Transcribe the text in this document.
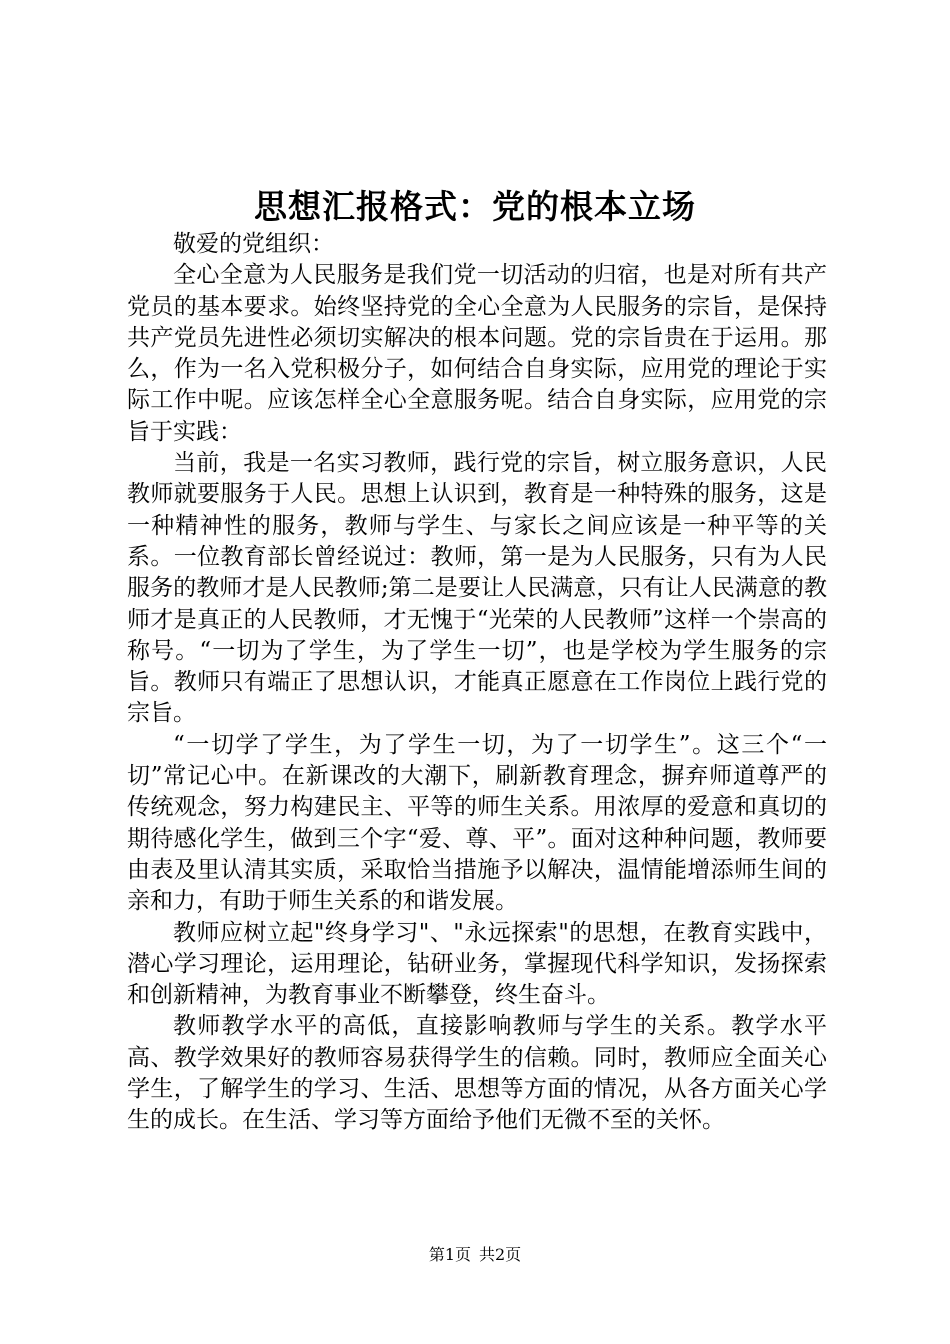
思想汇报格式：党的根本立场

敬爱的党组织：

全心全意为人民服务是我们党一切活动的归宿，也是对所有共产党员的基本要求。始终坚持党的全心全意为人民服务的宗旨，是保持共产党员先进性必须切实解决的根本问题。党的宗旨贵在于运用。那么，作为一名入党积极分子，如何结合自身实际，应用党的理论于实际工作中呢。应该怎样全心全意服务呢。结合自身实际，应用党的宗旨于实践：

当前，我是一名实习教师，践行党的宗旨，树立服务意识，人民教师就要服务于人民。思想上认识到，教育是一种特殊的服务，这是一种精神性的服务，教师与学生、与家长之间应该是一种平等的关系。一位教育部长曾经说过：教师，第一是为人民服务，只有为人民服务的教师才是人民教师;第二是要让人民满意，只有让人民满意的教师才是真正的人民教师，才无愧于“光荣的人民教师”这样一个崇高的称号。“一切为了学生，为了学生一切”，也是学校为学生服务的宗旨。教师只有端正了思想认识，才能真正愿意在工作岗位上践行党的宗旨。

“一切学了学生，为了学生一切，为了一切学生”。这三个“一切”常记心中。在新课改的大潮下，刷新教育理念，摒弃师道尊严的传统观念，努力构建民主、平等的师生关系。用浓厚的爱意和真切的期待感化学生，做到三个字“爱、尊、平”。面对这种种问题，教师要由表及里认清其实质，采取恰当措施予以解决，温情能增添师生间的亲和力，有助于师生关系的和谐发展。

教师应树立起"终身学习"、"永远探索"的思想，在教育实践中，潜心学习理论，运用理论，钻研业务，掌握现代科学知识，发扬探索和创新精神，为教育事业不断攀登，终生奋斗。

教师教学水平的高低，直接影响教师与学生的关系。教学水平高、教学效果好的教师容易获得学生的信赖。同时，教师应全面关心学生，了解学生的学习、生活、思想等方面的情况，从各方面关心学生的成长。在生活、学习等方面给予他们无微不至的关怀。

第1页 共2页
